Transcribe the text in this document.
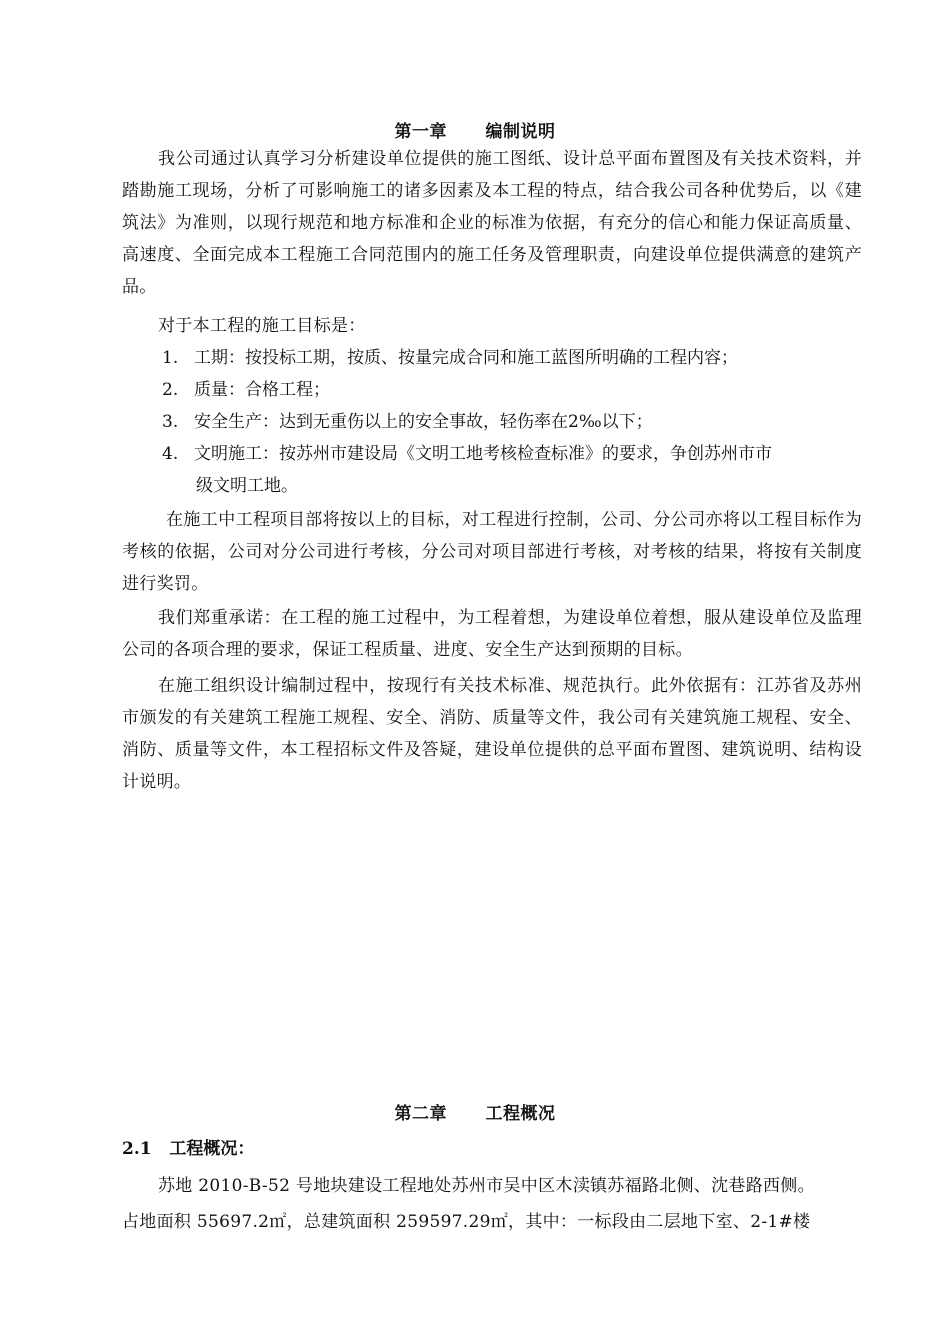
第一章      编制说明
我公司通过认真学习分析建设单位提供的施工图纸、设计总平面布置图及有关技术资料，并踏勘施工现场，分析了可影响施工的诸多因素及本工程的特点，结合我公司各种优势后，以《建筑法》为准则，以现行规范和地方标准和企业的标准为依据，有充分的信心和能力保证高质量、高速度、全面完成本工程施工合同范围内的施工任务及管理职责，向建设单位提供满意的建筑产品。
对于本工程的施工目标是：
1. 工期：按投标工期，按质、按量完成合同和施工蓝图所明确的工程内容；
2. 质量：合格工程；
3. 安全生产：达到无重伤以上的安全事故，轻伤率在2‰以下；
4. 文明施工：按苏州市建设局《文明工地考核检查标准》的要求，争创苏州市市
级文明工地。
在施工中工程项目部将按以上的目标，对工程进行控制，公司、分公司亦将以工程目标作为考核的依据，公司对分公司进行考核，分公司对项目部进行考核，对考核的结果，将按有关制度进行奖罚。
我们郑重承诺：在工程的施工过程中，为工程着想，为建设单位着想，服从建设单位及监理公司的各项合理的要求，保证工程质量、进度、安全生产达到预期的目标。
在施工组织设计编制过程中，按现行有关技术标准、规范执行。此外依据有：江苏省及苏州市颁发的有关建筑工程施工规程、安全、消防、质量等文件，我公司有关建筑施工规程、安全、消防、质量等文件，本工程招标文件及答疑，建设单位提供的总平面布置图、建筑说明、结构设计说明。
第二章      工程概况
2.1   工程概况：
苏地 2010-B-52 号地块建设工程地处苏州市吴中区木渎镇苏福路北侧、沈巷路西侧。
占地面积 55697.2㎡，总建筑面积 259597.29㎡，其中：一标段由二层地下室、2-1#楼
